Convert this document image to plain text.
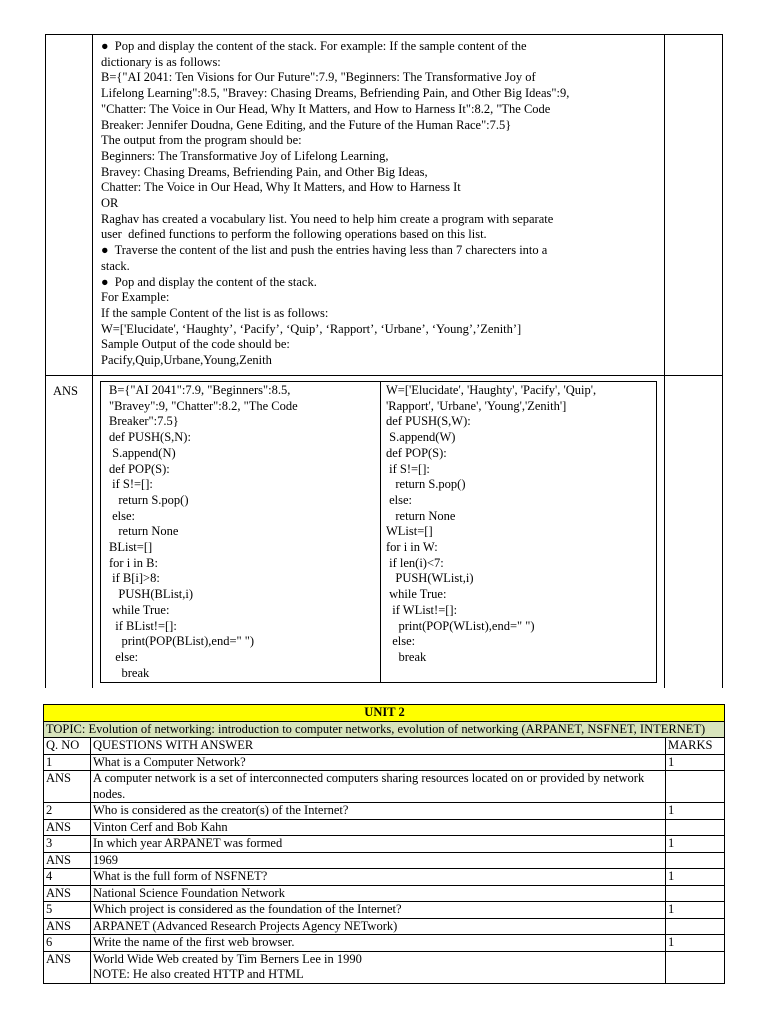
●  Pop and display the content of the stack. For example: If the sample content of the
dictionary is as follows:
B={"AI 2041: Ten Visions for Our Future":7.9, "Beginners: The Transformative Joy of
Lifelong Learning":8.5, "Bravey: Chasing Dreams, Befriending Pain, and Other Big Ideas":9,
"Chatter: The Voice in Our Head, Why It Matters, and How to Harness It":8.2, "The Code
Breaker: Jennifer Doudna, Gene Editing, and the Future of the Human Race":7.5}
The output from the program should be:
Beginners: The Transformative Joy of Lifelong Learning,
Bravey: Chasing Dreams, Befriending Pain, and Other Big Ideas,
Chatter: The Voice in Our Head, Why It Matters, and How to Harness It
OR
Raghav has created a vocabulary list. You need to help him create a program with separate
user  defined functions to perform the following operations based on this list.
●  Traverse the content of the list and push the entries having less than 7 charecters into a
stack.
●  Pop and display the content of the stack.
For Example:
If the sample Content of the list is as follows:
W=['Elucidate', ‘Haughty’, ‘Pacify’, ‘Quip’, ‘Rapport’, ‘Urbane’, ‘Young’,’Zenith’]
Sample Output of the code should be:
Pacify,Quip,Urbane,Young,Zenith
ANS B={"AI 2041":7.9, "Beginners":8.5,
"Bravey":9, "Chatter":8.2, "The Code
Breaker":7.5}
def PUSH(S,N):
S.append(N)
def POP(S):
if S!=[]:
return S.pop()
else:
return None
BList=[]
for i in B:
if B[i]>8:
PUSH(BList,i)
while True:
if BList!=[]:
print(POP(BList),end=" ")
else:
break
W=['Elucidate', 'Haughty', 'Pacify', 'Quip',
'Rapport', 'Urbane', 'Young','Zenith']
def PUSH(S,W):
S.append(W)
def POP(S):
if S!=[]:
return S.pop()
else:
return None
WList=[]
for i in W:
if len(i)<7:
PUSH(WList,i)
while True:
if WList!=[]:
print(POP(WList),end=" ")
else:
break
UNIT 2		
TOPIC: Evolution of networking: introduction to computer networks, evolution of networking (ARPANET, NSFNET, INTERNET)		
Q. NO	QUESTIONS WITH ANSWER	MARKS

1	What is a Computer Network?	1

ANS	A computer network is a set of interconnected computers sharing resources located on or provided by network nodes.	

2	Who is considered as the creator(s) of the Internet?	1

ANS	Vinton Cerf and Bob Kahn	

3	In which year ARPANET was formed	1

ANS	1969	

4	What is the full form of NSFNET?	1

ANS	National Science Foundation Network	

5	Which project is considered as the foundation of the Internet?	1

ANS	ARPANET (Advanced Research Projects Agency NETwork)	

6	Write the name of the first web browser.	1

ANS	World Wide Web created by Tim Berners Lee in 1990
NOTE: He also created HTTP and HTML	
